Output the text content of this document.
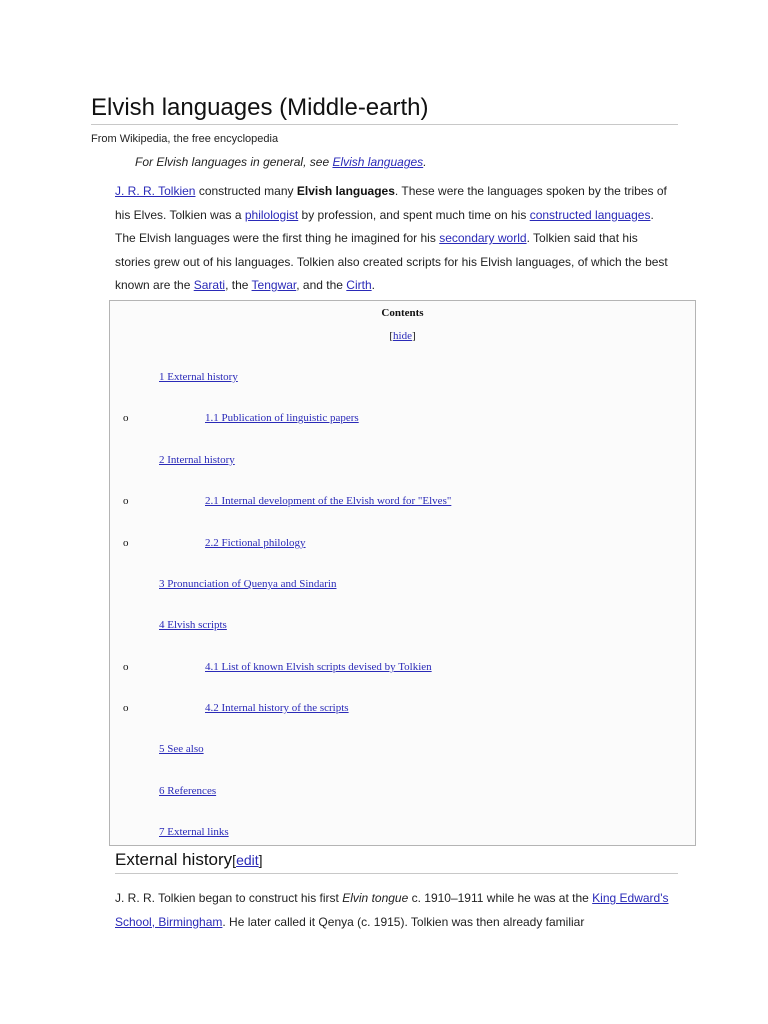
Elvish languages (Middle-earth)
From Wikipedia, the free encyclopedia
For Elvish languages in general, see Elvish languages.
J. R. R. Tolkien constructed many Elvish languages. These were the languages spoken by the tribes of his Elves. Tolkien was a philologist by profession, and spent much time on his constructed languages. The Elvish languages were the first thing he imagined for his secondary world. Tolkien said that his stories grew out of his languages. Tolkien also created scripts for his Elvish languages, of which the best known are the Sarati, the Tengwar, and the Cirth.
Contents
[hide]
1 External history
o	1.1 Publication of linguistic papers
2 Internal history
o	2.1 Internal development of the Elvish word for "Elves"
o	2.2 Fictional philology
3 Pronunciation of Quenya and Sindarin
4 Elvish scripts
o	4.1 List of known Elvish scripts devised by Tolkien
o	4.2 Internal history of the scripts
5 See also
6 References
7 External links
External history[edit]
J. R. R. Tolkien began to construct his first Elvin tongue c. 1910–1911 while he was at the King Edward's School, Birmingham. He later called it Qenya (c. 1915). Tolkien was then already familiar
